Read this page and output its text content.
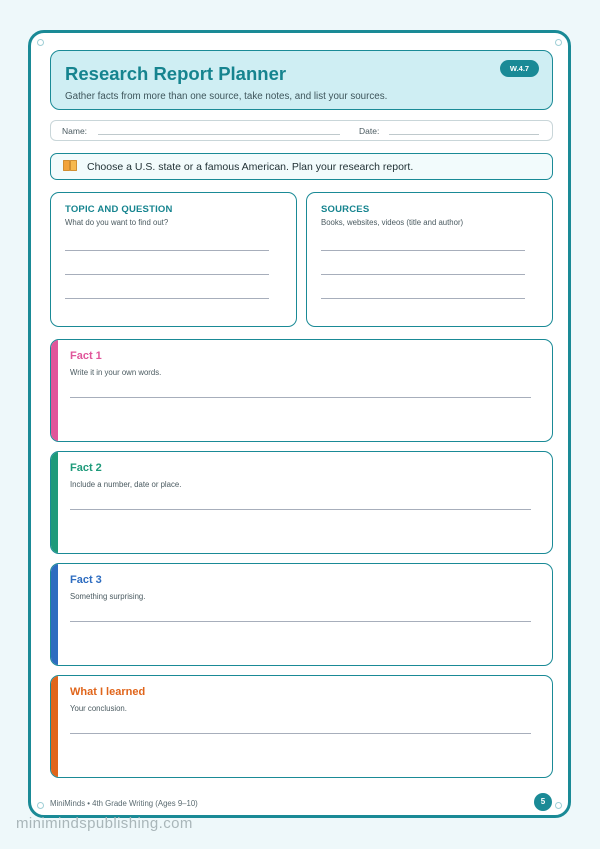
Research Report Planner
Gather facts from more than one source, take notes, and list your sources.
W.4.7
Name:	Date:
Choose a U.S. state or a famous American. Plan your research report.
TOPIC AND QUESTION
What do you want to find out?
SOURCES
Books, websites, videos (title and author)
Fact 1
Write it in your own words.
Fact 2
Include a number, date or place.
Fact 3
Something surprising.
What I learned
Your conclusion.
MiniMinds • 4th Grade Writing (Ages 9–10)	5
minimindspublishing.com
